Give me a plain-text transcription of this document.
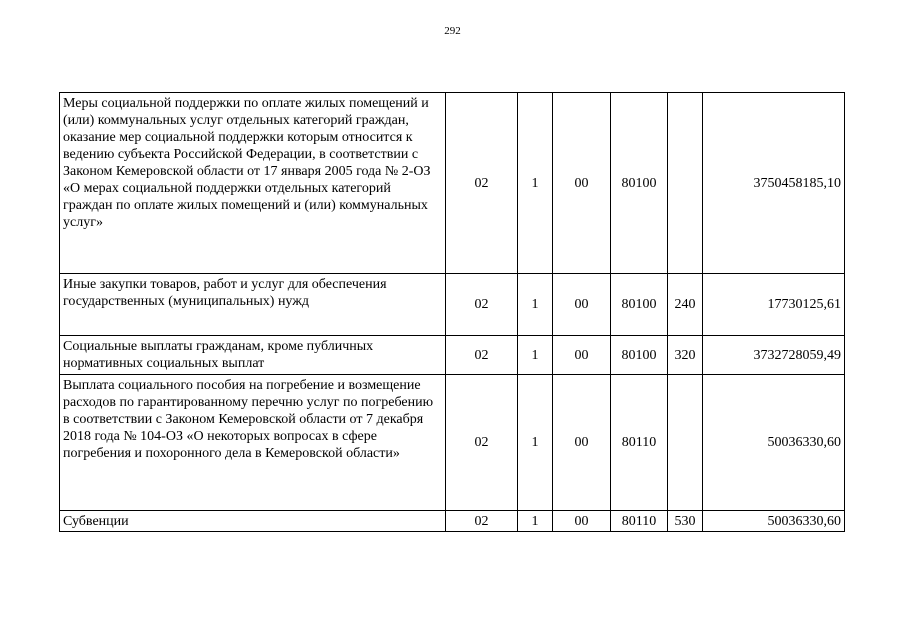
292
Меры социальной поддержки по оплате жилых помещений и (или) коммунальных услуг отдельных категорий граждан, оказание мер социальной поддержки которым относится к ведению субъекта Российской Федерации, в соответствии с Законом Кемеровской области от 17 января 2005 года № 2-ОЗ «О мерах социальной поддержки отдельных категорий граждан по оплате жилых помещений и (или) коммунальных услуг»	02	1	00	80100		3750458185,10
Иные закупки товаров, работ и услуг для обеспечения государственных (муниципальных) нужд	02	1	00	80100	240	17730125,61
Социальные выплаты гражданам, кроме публичных нормативных социальных выплат	02	1	00	80100	320	3732728059,49
Выплата социального пособия на погребение и возмещение расходов по гарантированному перечню услуг по погребению в соответствии с Законом Кемеровской области от 7 декабря 2018 года № 104-ОЗ «О некоторых вопросах в сфере погребения и похоронного дела в Кемеровской области»	02	1	00	80110		50036330,60
Субвенции	02	1	00	80110	530	50036330,60
